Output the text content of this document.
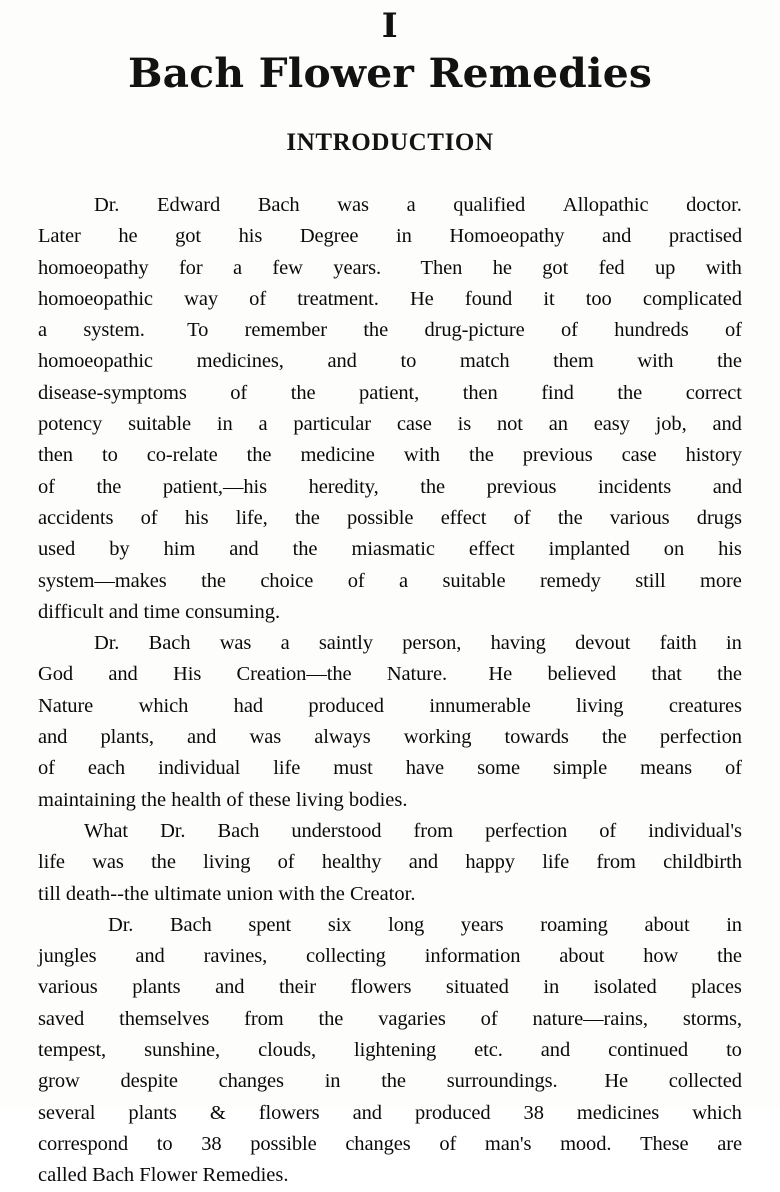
I
Bach Flower Remedies
INTRODUCTION

Dr. Edward Bach was a qualified Allopathic doctor.
Later he got his Degree in Homoeopathy and practised
homoeopathy for a few years. Then he got fed up with
homoeopathic way of treatment. He found it too complicated
a system. To remember the drug-picture of hundreds of
homoeopathic medicines, and to match them with the
disease-symptoms of the patient, then find the correct
potency suitable in a particular case is not an easy job, and
then to co-relate the medicine with the previous case history
of the patient,—his heredity, the previous incidents and
accidents of his life, the possible effect of the various drugs
used by him and the miasmatic effect implanted on his
system—makes the choice of a suitable remedy still more
difficult and time consuming.

Dr. Bach was a saintly person, having devout faith in
God and His Creation—the Nature. He believed that the
Nature which had produced innumerable living creatures
and plants, and was always working towards the perfection
of each individual life must have some simple means of
maintaining the health of these living bodies.

What Dr. Bach understood from perfection of individual's
life was the living of healthy and happy life from childbirth
till death--the ultimate union with the Creator.

Dr. Bach spent six long years roaming about in
jungles and ravines, collecting information about how the
various plants and their flowers situated in isolated places
saved themselves from the vagaries of nature—rains, storms,
tempest, sunshine, clouds, lightening etc. and continued to
grow despite changes in the surroundings. He collected
several plants & flowers and produced 38 medicines which
correspond to 38 possible changes of man's mood. These are
called Bach Flower Remedies.
